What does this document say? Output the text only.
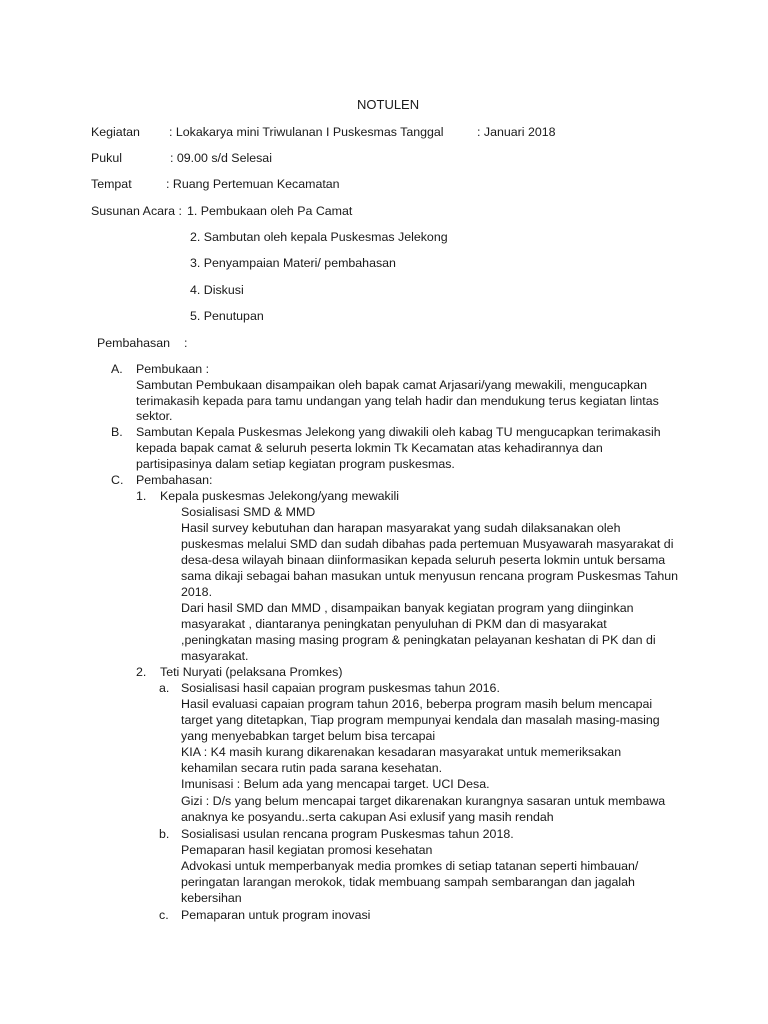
NOTULEN
Kegiatan : Lokakarya mini Triwulanan I Puskesmas Tanggal	: Januari 2018
Pukul	: 09.00 s/d Selesai
Tempat	: Ruang Pertemuan Kecamatan
Susunan Acara : 1. Pembukaan oleh Pa Camat
2. Sambutan oleh kepala Puskesmas Jelekong
3. Penyampaian Materi/ pembahasan
4. Diskusi
5. Penutupan
Pembahasan :
A. Pembukaan :
Sambutan Pembukaan disampaikan oleh bapak camat Arjasari/yang mewakili, mengucapkan
terimakasih kepada para tamu undangan yang telah hadir dan mendukung terus kegiatan lintas
sektor.
B. Sambutan Kepala Puskesmas Jelekong yang diwakili oleh kabag TU mengucapkan terimakasih
kepada bapak camat & seluruh peserta lokmin Tk Kecamatan atas kehadirannya dan
partisipasinya dalam setiap kegiatan program puskesmas.
C. Pembahasan:
1. Kepala puskesmas Jelekong/yang mewakili
Sosialisasi SMD & MMD
Hasil survey kebutuhan dan harapan masyarakat yang sudah dilaksanakan oleh
puskesmas melalui SMD dan sudah dibahas pada pertemuan Musyawarah masyarakat di
desa-desa wilayah binaan diinformasikan kepada seluruh peserta lokmin untuk bersama
sama dikaji sebagai bahan masukan untuk menyusun rencana program Puskesmas Tahun
2018.
Dari hasil SMD dan MMD , disampaikan banyak kegiatan program yang diinginkan
masyarakat , diantaranya peningkatan penyuluhan di PKM dan di masyarakat
,peningkatan masing masing program & peningkatan pelayanan keshatan di PK dan di
masyarakat.
2. Teti Nuryati (pelaksana Promkes)
a. Sosialisasi hasil capaian program puskesmas tahun 2016.
Hasil evaluasi capaian program tahun 2016, beberpa program masih belum mencapai
target yang ditetapkan, Tiap program mempunyai kendala dan masalah masing-masing
yang menyebabkan target belum bisa tercapai
KIA : K4 masih kurang dikarenakan kesadaran masyarakat untuk memeriksakan
kehamilan secara rutin pada sarana kesehatan.
Imunisasi : Belum ada yang mencapai target. UCI Desa.
Gizi : D/s yang belum mencapai target dikarenakan kurangnya sasaran untuk membawa
anaknya ke posyandu..serta cakupan Asi exlusif yang masih rendah
b. Sosialisasi usulan rencana program Puskesmas tahun 2018.
Pemaparan hasil kegiatan promosi kesehatan
Advokasi untuk memperbanyak media promkes di setiap tatanan seperti himbauan/
peringatan larangan merokok, tidak membuang sampah sembarangan dan jagalah
kebersihan
c. Pemaparan untuk program inovasi
